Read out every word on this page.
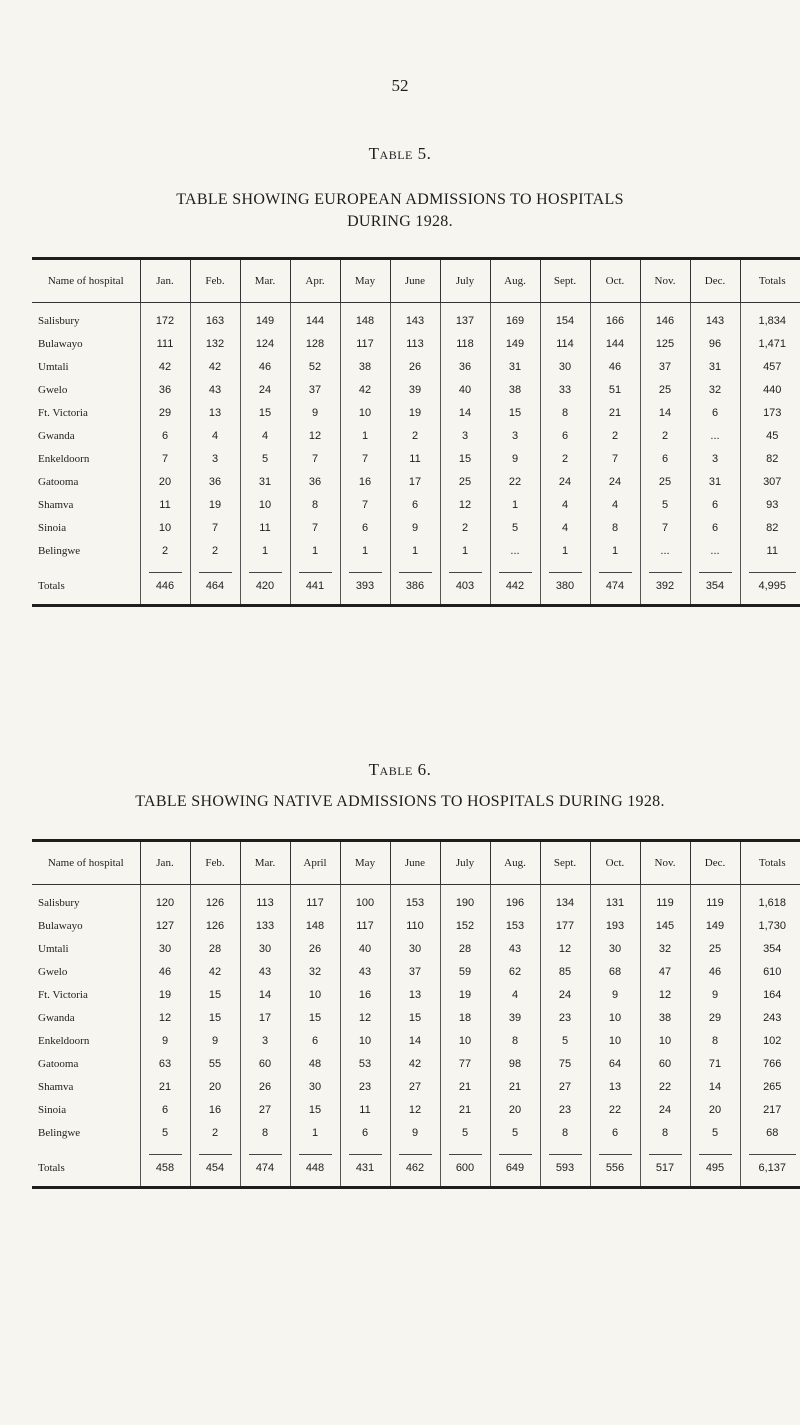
52
Table 5.
TABLE SHOWING EUROPEAN ADMISSIONS TO HOSPITALS
DURING 1928.
Name of hospital	Jan.	Feb.	Mar.	Apr.	May	June	July	Aug.	Sept.	Oct.	Nov.	Dec.	Totals
Salisbury	172	163	149	144	148	143	137	169	154	166	146	143	1,834
Bulawayo	111	132	124	128	117	113	118	149	114	144	125	96	1,471
Umtali	42	42	46	52	38	26	36	31	30	46	37	31	457
Gwelo	36	43	24	37	42	39	40	38	33	51	25	32	440
Ft. Victoria	29	13	15	9	10	19	14	15	8	21	14	6	173
Gwanda	6	4	4	12	1	2	3	3	6	2	2	...	45
Enkeldoorn	7	3	5	7	7	11	15	9	2	7	6	3	82
Gatooma	20	36	31	36	16	17	25	22	24	24	25	31	307
Shamva	11	19	10	8	7	6	12	1	4	4	5	6	93
Sinoia	10	7	11	7	6	9	2	5	4	8	7	6	82
Belingwe	2	2	1	1	1	1	1	...	1	1	...	...	11

Totals	446	464	420	441	393	386	403	442	380	474	392	354	4,995
Table 6.
TABLE SHOWING NATIVE ADMISSIONS TO HOSPITALS DURING 1928.
Name of hospital	Jan.	Feb.	Mar.	April	May	June	July	Aug.	Sept.	Oct.	Nov.	Dec.	Totals
Salisbury	120	126	113	117	100	153	190	196	134	131	119	119	1,618
Bulawayo	127	126	133	148	117	110	152	153	177	193	145	149	1,730
Umtali	30	28	30	26	40	30	28	43	12	30	32	25	354
Gwelo	46	42	43	32	43	37	59	62	85	68	47	46	610
Ft. Victoria	19	15	14	10	16	13	19	4	24	9	12	9	164
Gwanda	12	15	17	15	12	15	18	39	23	10	38	29	243
Enkeldoorn	9	9	3	6	10	14	10	8	5	10	10	8	102
Gatooma	63	55	60	48	53	42	77	98	75	64	60	71	766
Shamva	21	20	26	30	23	27	21	21	27	13	22	14	265
Sinoia	6	16	27	15	11	12	21	20	23	22	24	20	217
Belingwe	5	2	8	1	6	9	5	5	8	6	8	5	68

Totals	458	454	474	448	431	462	600	649	593	556	517	495	6,137
